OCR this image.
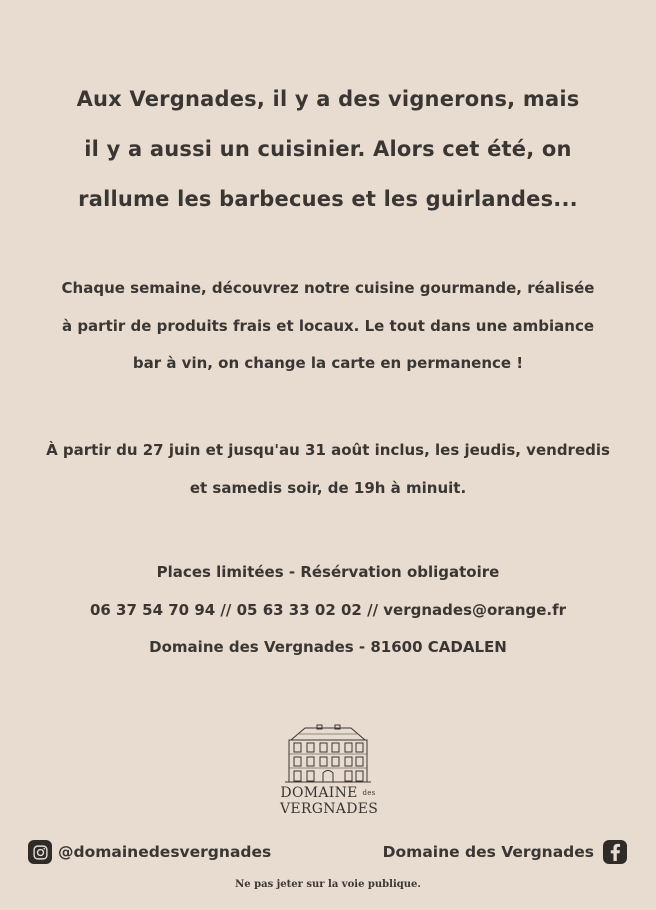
Aux Vergnades, il y a des vignerons, mais

il y a aussi un cuisinier. Alors cet été, on

rallume les barbecues et les guirlandes...

Chaque semaine, découvrez notre cuisine gourmande, réalisée

à partir de produits frais et locaux. Le tout dans une ambiance

bar à vin, on change la carte en permanence !

À partir du 27 juin et jusqu'au 31 août inclus, les jeudis, vendredis

et samedis soir, de 19h à minuit.

Places limitées - Résérvation obligatoire

06 37 54 70 94 // 05 63 33 02 02 // vergnades@orange.fr

Domaine des Vergnades - 81600 CADALEN

DOMAINE des
VERGNADES
@domainedesvergnades	Domaine des Vergnades
Ne pas jeter sur la voie publique.
